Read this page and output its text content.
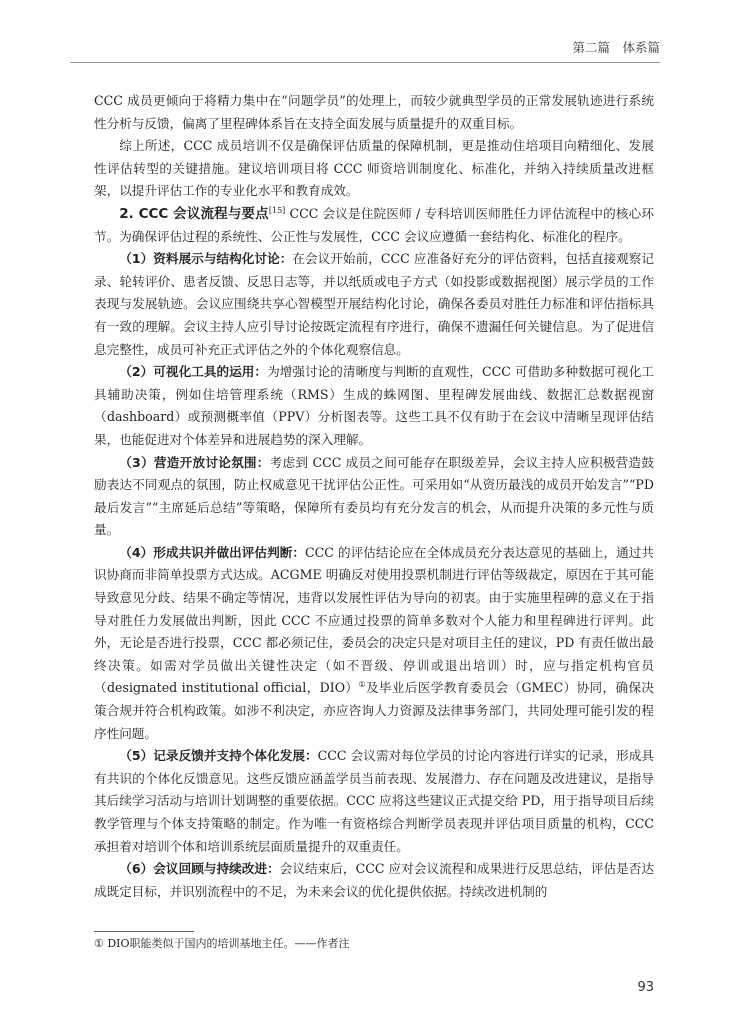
第二篇　体系篇

CCC 成员更倾向于将精力集中在“问题学员”的处理上，而较少就典型学员的正常发展轨迹进行系统性分析与反馈，偏离了里程碑体系旨在支持全面发展与质量提升的双重目标。

综上所述，CCC 成员培训不仅是确保评估质量的保障机制，更是推动住培项目向精细化、发展性评估转型的关键措施。建议培训项目将 CCC 师资培训制度化、标准化，并纳入持续质量改进框架，以提升评估工作的专业化水平和教育成效。

2. CCC 会议流程与要点[15] CCC 会议是住院医师 / 专科培训医师胜任力评估流程中的核心环节。为确保评估过程的系统性、公正性与发展性，CCC 会议应遵循一套结构化、标准化的程序。

（1）资料展示与结构化讨论：在会议开始前，CCC 应准备好充分的评估资料，包括直接观察记录、轮转评价、患者反馈、反思日志等，并以纸质或电子方式（如投影或数据视图）展示学员的工作表现与发展轨迹。会议应围绕共享心智模型开展结构化讨论，确保各委员对胜任力标准和评估指标具有一致的理解。会议主持人应引导讨论按既定流程有序进行，确保不遗漏任何关键信息。为了促进信息完整性，成员可补充正式评估之外的个体化观察信息。

（2）可视化工具的运用：为增强讨论的清晰度与判断的直观性，CCC 可借助多种数据可视化工具辅助决策，例如住培管理系统（RMS）生成的蛛网图、里程碑发展曲线、数据汇总数据视窗（dashboard）或预测概率值（PPV）分析图表等。这些工具不仅有助于在会议中清晰呈现评估结果，也能促进对个体差异和进展趋势的深入理解。

（3）营造开放讨论氛围：考虑到 CCC 成员之间可能存在职级差异，会议主持人应积极营造鼓励表达不同观点的氛围，防止权威意见干扰评估公正性。可采用如“从资历最浅的成员开始发言”“PD 最后发言”“主席延后总结”等策略，保障所有委员均有充分发言的机会，从而提升决策的多元性与质量。

（4）形成共识并做出评估判断：CCC 的评估结论应在全体成员充分表达意见的基础上，通过共识协商而非简单投票方式达成。ACGME 明确反对使用投票机制进行评估等级裁定，原因在于其可能导致意见分歧、结果不确定等情况，违背以发展性评估为导向的初衷。由于实施里程碑的意义在于指导对胜任力发展做出判断，因此 CCC 不应通过投票的简单多数对个人能力和里程碑进行评判。此外，无论是否进行投票，CCC 都必须记住，委员会的决定只是对项目主任的建议，PD 有责任做出最终决策。如需对学员做出关键性决定（如不晋级、停训或退出培训）时，应与指定机构官员（designated institutional official，DIO）①及毕业后医学教育委员会（GMEC）协同，确保决策合规并符合机构政策。如涉不利决定，亦应咨询人力资源及法律事务部门，共同处理可能引发的程序性问题。

（5）记录反馈并支持个体化发展：CCC 会议需对每位学员的讨论内容进行详实的记录，形成具有共识的个体化反馈意见。这些反馈应涵盖学员当前表现、发展潜力、存在问题及改进建议，是指导其后续学习活动与培训计划调整的重要依据。CCC 应将这些建议正式提交给 PD，用于指导项目后续教学管理与个体支持策略的制定。作为唯一有资格综合判断学员表现并评估项目质量的机构，CCC 承担着对培训个体和培训系统层面质量提升的双重责任。

（6）会议回顾与持续改进：会议结束后，CCC 应对会议流程和成果进行反思总结，评估是否达成既定目标，并识别流程中的不足，为未来会议的优化提供依据。持续改进机制的

① DIO职能类似于国内的培训基地主任。——作者注
93
